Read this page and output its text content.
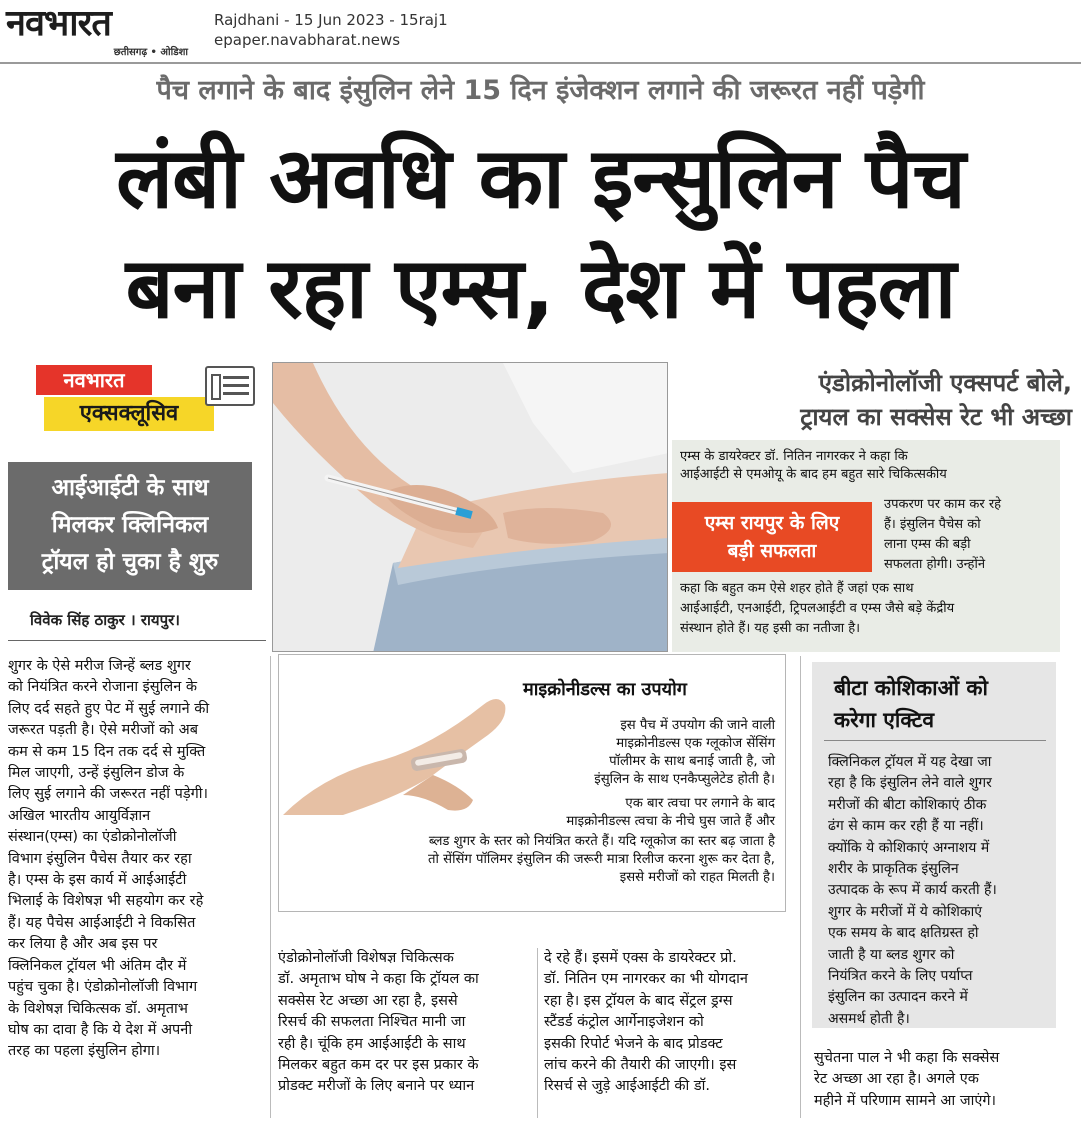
नवभारत
छतीसगढ़ • ओडिशा
Rajdhani - 15 Jun 2023 - 15raj1
epaper.navabharat.news
पैच लगाने के बाद इंसुलिन लेने 15 दिन इंजेक्शन लगाने की जरूरत नहीं पड़ेगी
लंबी अवधि का इन्सुलिन पैच
बना रहा एम्स, देश में पहला
नवभारत
एक्सक्लूसिव
आईआईटी के साथ
मिलकर क्लिनिकल
ट्रॉयल हो चुका है शुरु
विवेक सिंह ठाकुर । रायपुर।
एंडोक्रोनोलॉजी एक्सपर्ट बोले,
ट्रायल का सक्सेस रेट भी अच्छा
एम्स के डायरेक्टर डॉ. नितिन नागरकर ने कहा कि
आईआईटी से एमओयू के बाद हम बहुत सारे चिकित्सकीय
उपकरण पर काम कर रहे
हैं। इंसुलिन पैचेस को
लाना एम्स की बड़ी
सफलता होगी। उन्होंने
कहा कि बहुत कम ऐसे शहर होते हैं जहां एक साथ
आईआईटी, एनआईटी, ट्रिपलआईटी व एम्स जैसे बड़े केंद्रीय
संस्थान होते हैं। यह इसी का नतीजा है।
एम्स रायपुर के लिए
बड़ी सफलता
शुगर के ऐसे मरीज जिन्हें ब्लड शुगर
को नियंत्रित करने रोजाना इंसुलिन के
लिए दर्द सहते हुए पेट में सुई लगाने की
जरूरत पड़ती है। ऐसे मरीजों को अब
कम से कम 15 दिन तक दर्द से मुक्ति
मिल जाएगी, उन्हें इंसुलिन डोज के
लिए सुई लगाने की जरूरत नहीं पड़ेगी।
अखिल भारतीय आयुर्विज्ञान
संस्थान(एम्स) का एंडोक्रोनोलॉजी
विभाग इंसुलिन पैचेस तैयार कर रहा
है। एम्स के इस कार्य में आईआईटी
भिलाई के विशेषज्ञ भी सहयोग कर रहे
हैं। यह पैचेस आईआईटी ने विकसित
कर लिया है और अब इस पर
क्लिनिकल ट्रॉयल भी अंतिम दौर में
पहुंच चुका है। एंडोक्रोनोलॉजी विभाग
के विशेषज्ञ चिकित्सक डॉ. अमृताभ
घोष का दावा है कि ये देश में अपनी
तरह का पहला इंसुलिन होगा।
माइक्रोनीडल्स का उपयोग
इस पैच में उपयोग की जाने वाली
माइक्रोनीडल्स एक ग्लूकोज सेंसिंग
पॉलीमर के साथ बनाई जाती है, जो
इंसुलिन के साथ एनकैप्सुलेटेड होती है।
एक बार त्वचा पर लगाने के बाद
माइक्रोनीडल्स त्वचा के नीचे घुस जाते हैं और
ब्लड शुगर के स्तर को नियंत्रित करते हैं। यदि ग्लूकोज का स्तर बढ़ जाता है
तो सेंसिंग पॉलिमर इंसुलिन की जरूरी मात्रा रिलीज करना शुरू कर देता है,
इससे मरीजों को राहत मिलती है।
एंडोक्रोनोलॉजी विशेषज्ञ चिकित्सक
डॉ. अमृताभ घोष ने कहा कि ट्रॉयल का
सक्सेस रेट अच्छा आ रहा है, इससे
रिसर्च की सफलता निश्चित मानी जा
रही है। चूंकि हम आईआईटी के साथ
मिलकर बहुत कम दर पर इस प्रकार के
प्रोडक्ट मरीजों के लिए बनाने पर ध्यान
दे रहे हैं। इसमें एक्स के डायरेक्टर प्रो.
डॉ. नितिन एम नागरकर का भी योगदान
रहा है। इस ट्रॉयल के बाद सेंट्रल ड्रग्स
स्टैंडर्ड कंट्रोल आर्गेनाइजेशन को
इसकी रिपोर्ट भेजने के बाद प्रोडक्ट
लांच करने की तैयारी की जाएगी। इस
रिसर्च से जुड़े आईआईटी की डॉ.
बीटा कोशिकाओं को
करेगा एक्टिव
क्लिनिकल ट्रॉयल में यह देखा जा
रहा है कि इंसुलिन लेने वाले शुगर
मरीजों की बीटा कोशिकाएं ठीक
ढंग से काम कर रही हैं या नहीं।
क्योंकि ये कोशिकाएं अग्नाशय में
शरीर के प्राकृतिक इंसुलिन
उत्पादक के रूप में कार्य करती हैं।
शुगर के मरीजों में ये कोशिकाएं
एक समय के बाद क्षतिग्रस्त हो
जाती है या ब्लड शुगर को
नियंत्रित करने के लिए पर्याप्त
इंसुलिन का उत्पादन करने में
असमर्थ होती है।
सुचेतना पाल ने भी कहा कि सक्सेस
रेट अच्छा आ रहा है। अगले एक
महीने में परिणाम सामने आ जाएंगे।
